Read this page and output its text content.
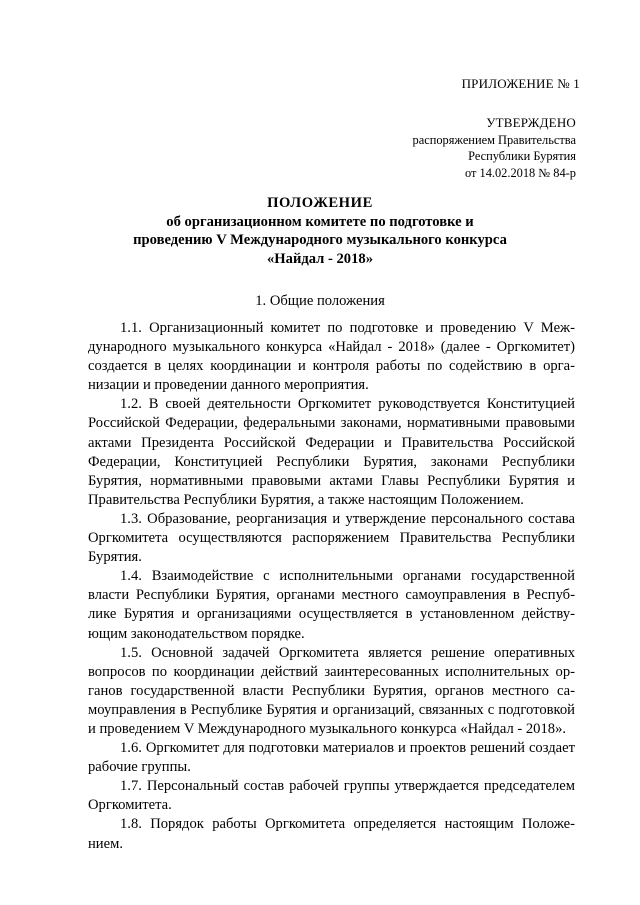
ПРИЛОЖЕНИЕ № 1
УТВЕРЖДЕНО
распоряжением Правительства
Республики Бурятия
от 14.02.2018 № 84-р
ПОЛОЖЕНИЕ
об организационном комитете по подготовке и
проведению V Международного музыкального конкурса
«Найдал - 2018»
1. Общие положения

1.1. Организационный комитет по подготовке и проведению V Международного музыкального конкурса «Найдал - 2018» (далее - Оргкомитет) создается в целях координации и контроля работы по содействию в организации и проведении данного мероприятия.

1.2. В своей деятельности Оргкомитет руководствуется Конституцией Российской Федерации, федеральными законами, нормативными правовыми актами Президента Российской Федерации и Правительства Российской Федерации, Конституцией Республики Бурятия, законами Республики Бурятия, нормативными правовыми актами Главы Республики Бурятия и Правительства Республики Бурятия, а также настоящим Положением.

1.3. Образование, реорганизация и утверждение персонального состава Оргкомитета осуществляются распоряжением Правительства Республики Бурятия.

1.4. Взаимодействие с исполнительными органами государственной власти Республики Бурятия, органами местного самоуправления в Республике Бурятия и организациями осуществляется в установленном действующим законодательством порядке.

1.5. Основной задачей Оргкомитета является решение оперативных вопросов по координации действий заинтересованных исполнительных органов государственной власти Республики Бурятия, органов местного самоуправления в Республике Бурятия и организаций, связанных с подготовкой и проведением V Международного музыкального конкурса «Найдал - 2018».

1.6. Оргкомитет для подготовки материалов и проектов решений создает рабочие группы.

1.7. Персональный состав рабочей группы утверждается председателем Оргкомитета.

1.8. Порядок работы Оргкомитета определяется настоящим Положением.
